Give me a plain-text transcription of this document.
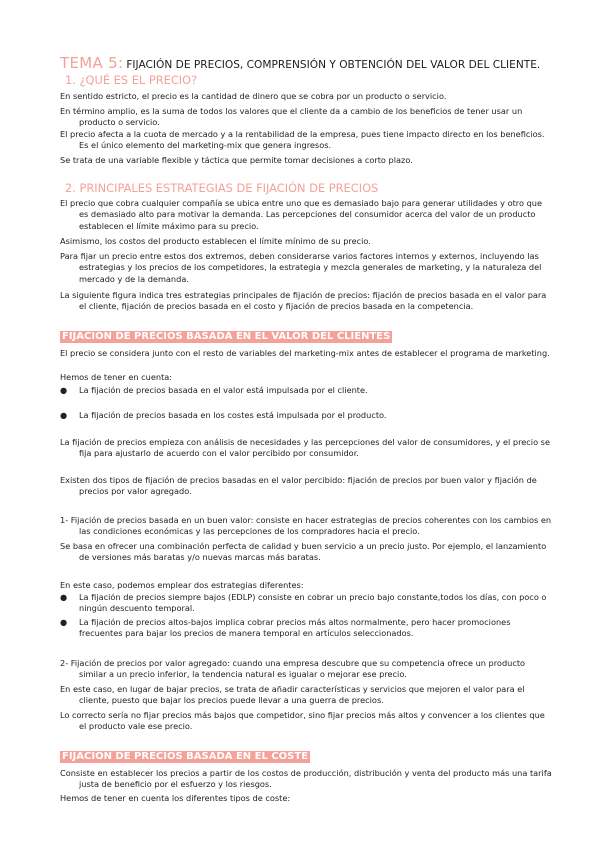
TEMA 5: FIJACIÓN DE PRECIOS, COMPRENSIÓN Y OBTENCIÓN DEL VALOR DEL CLIENTE.
1. ¿QUÉ ES EL PRECIO?
En sentido estricto, el precio es la cantidad de dinero que se cobra por un producto o servicio.
En término amplio, es la suma de todos los valores que el cliente da a cambio de los beneficios de tener usar un producto o servicio.
El precio afecta a la cuota de mercado y a la rentabilidad de la empresa, pues tiene impacto directo en los beneficios. Es el único elemento del marketing-mix que genera ingresos.
Se trata de una variable flexible y táctica que permite tomar decisiones a corto plazo.
2. PRINCIPALES ESTRATEGIAS DE FIJACIÓN DE PRECIOS
El precio que cobra cualquier compañía se ubica entre uno que es demasiado bajo para generar utilidades y otro que es demasiado alto para motivar la demanda. Las percepciones del consumidor acerca del valor de un producto establecen el límite máximo para su precio.
Asimismo, los costos del producto establecen el límite mínimo de su precio.
Para fijar un precio entre estos dos extremos, deben considerarse varios factores internos y externos, incluyendo las estrategias y los precios de los competidores, la estrategia y mezcla generales de marketing, y la naturaleza del mercado y de la demanda.
La siguiente figura indica tres estrategias principales de fijación de precios: fijación de precios basada en el valor para el cliente, fijación de precios basada en el costo y fijación de precios basada en la competencia.
FIJACIÓN DE PRECIOS BASADA EN EL VALOR DEL CLIENTES
El precio se considera junto con el resto de variables del marketing-mix antes de establecer el programa de marketing.
Hemos de tener en cuenta:
● La fijación de precios basada en el valor está impulsada por el cliente.
● La fijación de precios basada en los costes está impulsada por el producto.
La fijación de precios empieza con análisis de necesidades y las percepciones del valor de consumidores, y el precio se fija para ajustarlo de acuerdo con el valor percibido por consumidor.
Existen dos tipos de fijación de precios basadas en el valor percibido: fijación de precios por buen valor y fijación de precios por valor agregado.
1- Fijación de precios basada en un buen valor: consiste en hacer estrategias de precios coherentes con los cambios en las condiciones económicas y las percepciones de los compradores hacia el precio.
Se basa en ofrecer una combinación perfecta de calidad y buen servicio a un precio justo. Por ejemplo, el lanzamiento de versiones más baratas y/o nuevas marcas más baratas.
En este caso, podemos emplear dos estrategias diferentes:
● La fijación de precios siempre bajos (EDLP) consiste en cobrar un precio bajo constante,todos los días, con poco o ningún descuento temporal.
● La fijación de precios altos-bajos implica cobrar precios más altos normalmente, pero hacer promociones frecuentes para bajar los precios de manera temporal en artículos seleccionados.
2- Fijación de precios por valor agregado: cuando una empresa descubre que su competencia ofrece un producto similar a un precio inferior, la tendencia natural es igualar o mejorar ese precio.
En este caso, en lugar de bajar precios, se trata de añadir características y servicios que mejoren el valor para el cliente, puesto que bajar los precios puede llevar a una guerra de precios.
Lo correcto sería no fijar precios más bajos que competidor, sino fijar precios más altos y convencer a los clientes que el producto vale ese precio.
FIJACIÓN DE PRECIOS BASADA EN EL COSTE
Consiste en establecer los precios a partir de los costos de producción, distribución y venta del producto más una tarifa justa de beneficio por el esfuerzo y los riesgos.
Hemos de tener en cuenta los diferentes tipos de coste:
